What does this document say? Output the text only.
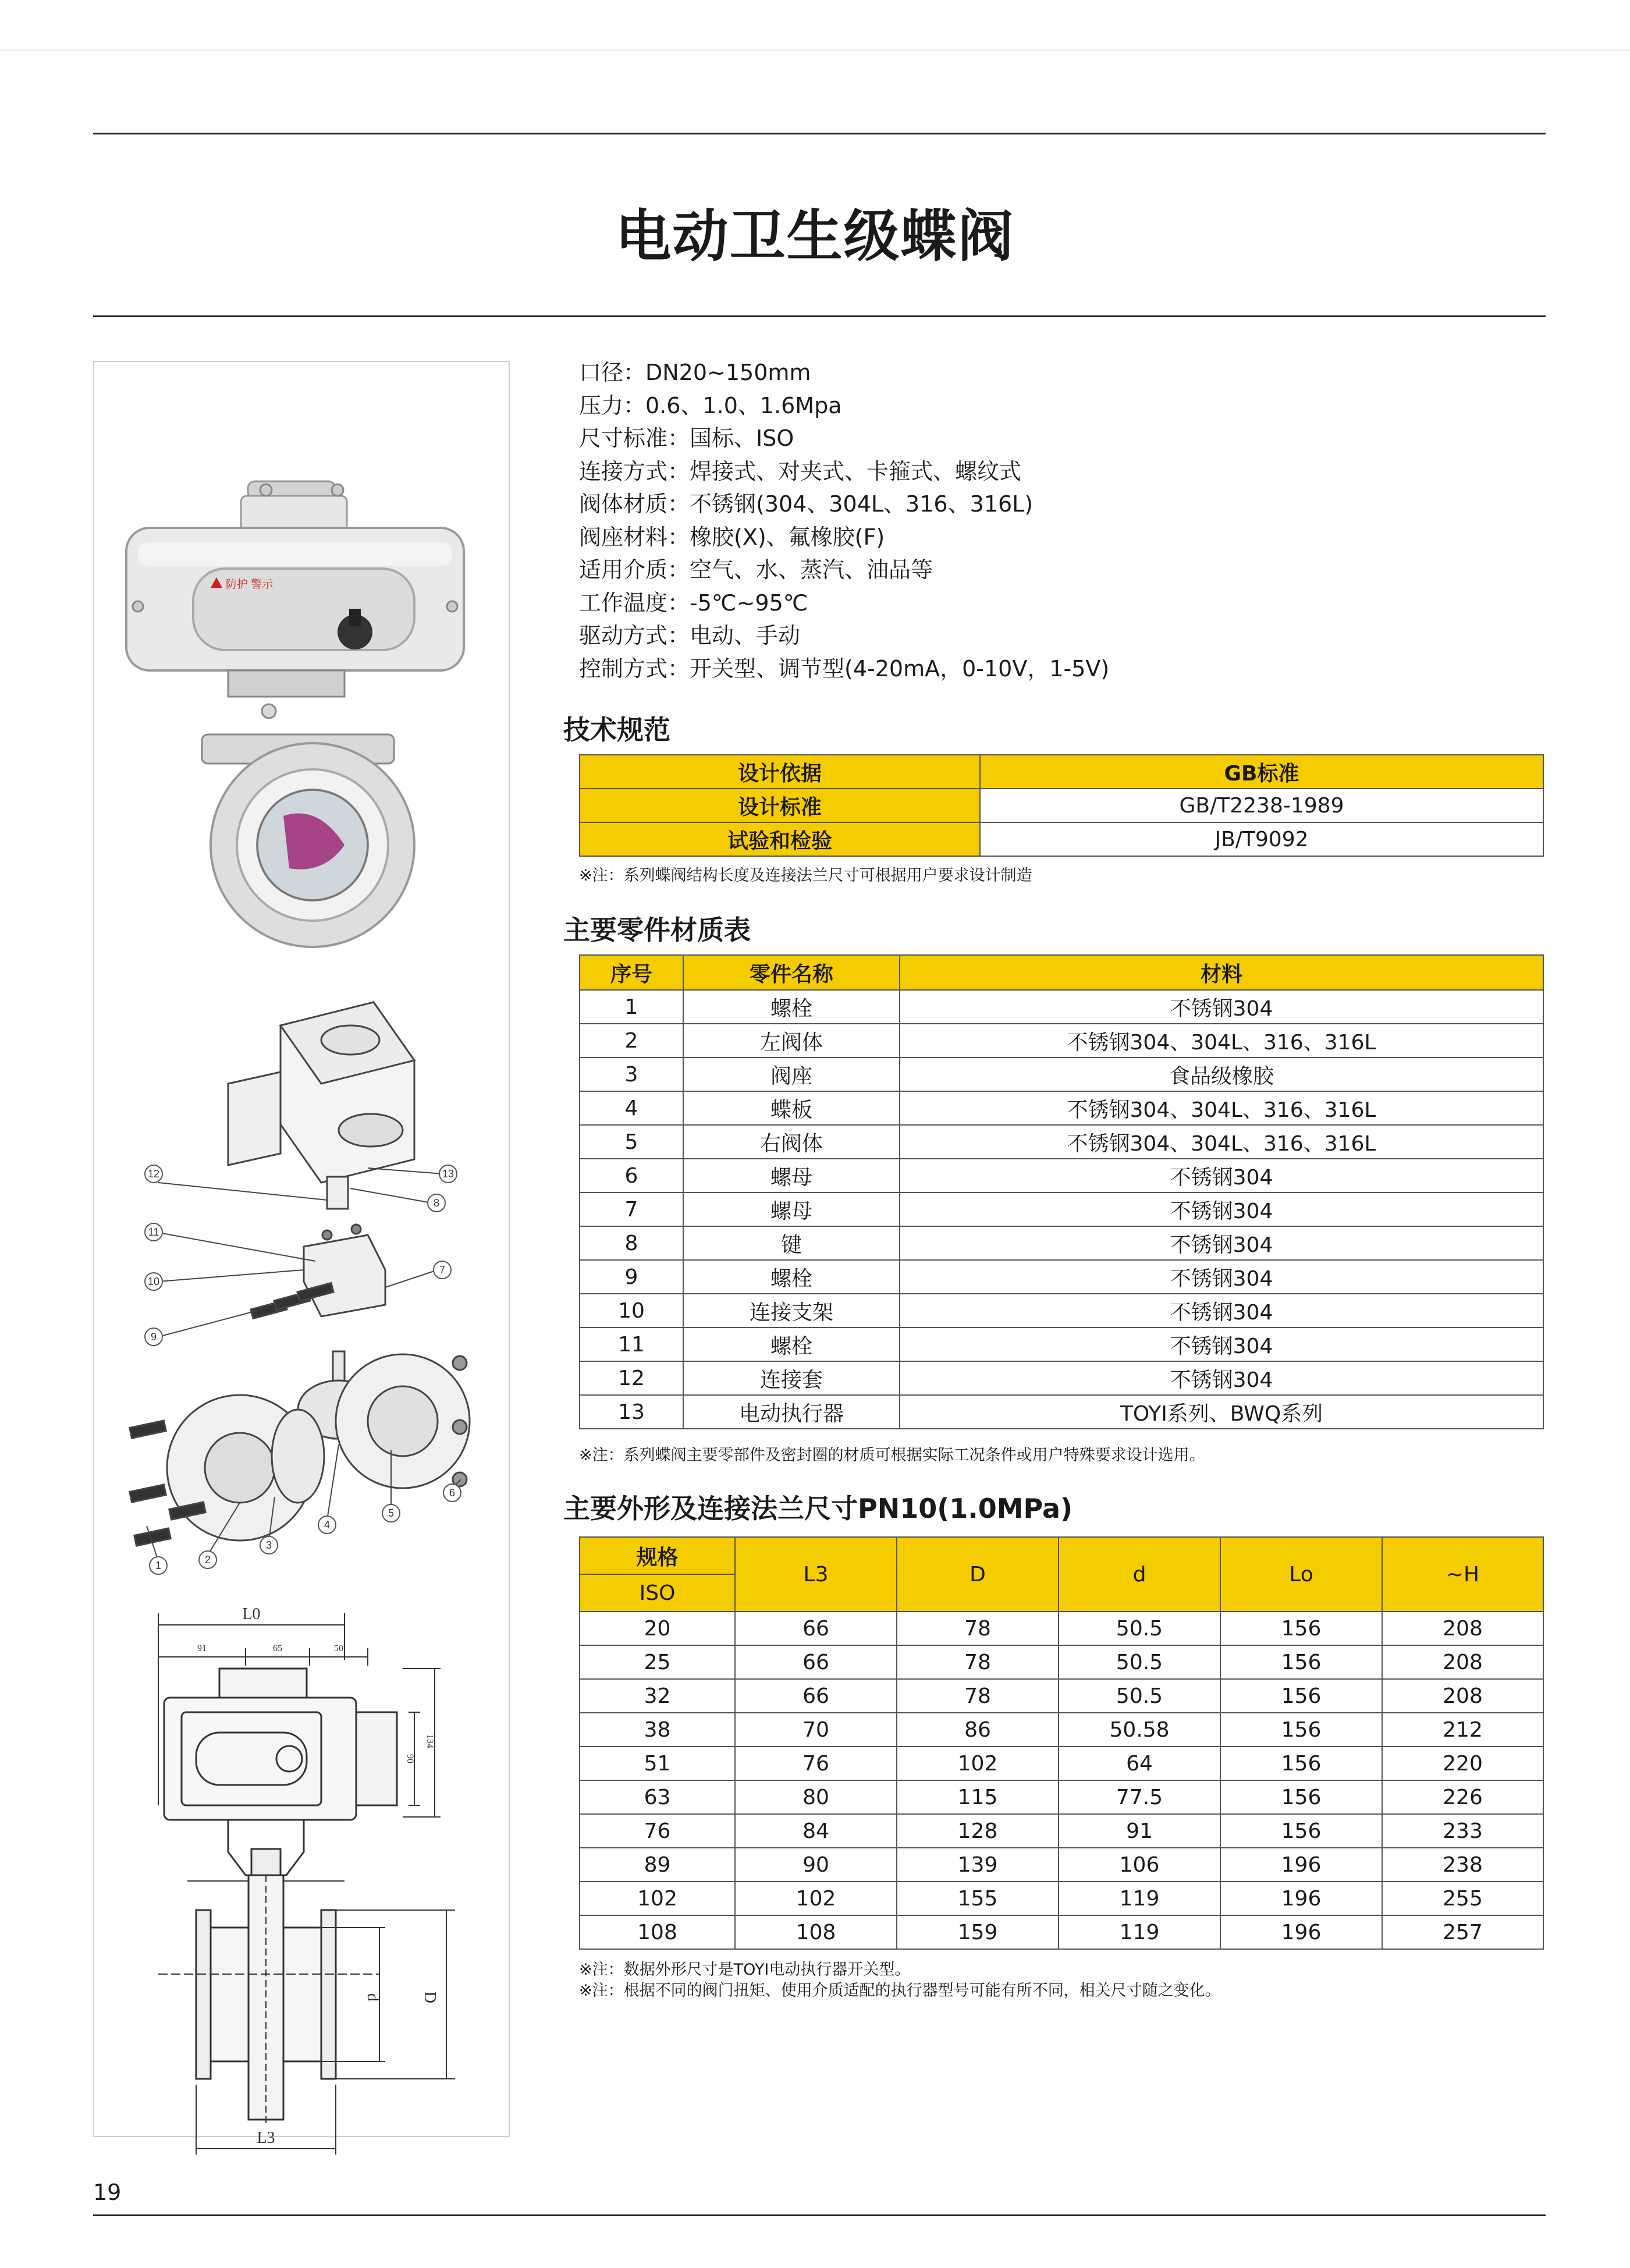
电动卫生级蝶阀
防护 警示
1	2
3
4
5
6
7
8
9
10
11
12	13
L0
91	65	50
134
90
d D
L3
口径：DN20~150mm
压力：0.6、1.0、1.6Mpa
尺寸标准：国标、ISO
连接方式：焊接式、对夹式、卡箍式、螺纹式
阀体材质：不锈钢(304、304L、316、316L)
阀座材料：橡胶(X)、氟橡胶(F)
适用介质：空气、水、蒸汽、油品等
工作温度：-5℃~95℃
驱动方式：电动、手动
控制方式：开关型、调节型(4-20mA，0-10V，1-5V)
技术规范
设计依据	GB标准
设计标准	GB/T2238-1989
试验和检验	JB/T9092
※注：系列蝶阀结构长度及连接法兰尺寸可根据用户要求设计制造
主要零件材质表
序号	零件名称	材料
1	螺栓	不锈钢304
2	左阀体	不锈钢304、304L、316、316L
3	阀座	食品级橡胶
4	蝶板	不锈钢304、304L、316、316L
5	右阀体	不锈钢304、304L、316、316L
6	螺母	不锈钢304
7	螺母	不锈钢304
8	键	不锈钢304
9	螺栓	不锈钢304
10	连接支架	不锈钢304
11	螺栓	不锈钢304
12	连接套	不锈钢304
13	电动执行器	TOYI系列、BWQ系列
※注：系列蝶阀主要零部件及密封圈的材质可根据实际工况条件或用户特殊要求设计选用。
主要外形及连接法兰尺寸PN10(1.0MPa)
规格	L3	D	d	Lo	~H
ISO					
20	66	78	50.5	156	208
25	66	78	50.5	156	208
32	66	78	50.5	156	208
38	70	86	50.58	156	212
51	76	102	64	156	220
63	80	115	77.5	156	226
76	84	128	91	156	233
89	90	139	106	196	238
102	102	155	119	196	255
108	108	159	119	196	257
※注：数据外形尺寸是TOYI电动执行器开关型。
※注：根据不同的阀门扭矩、使用介质适配的执行器型号可能有所不同，相关尺寸随之变化。
19
